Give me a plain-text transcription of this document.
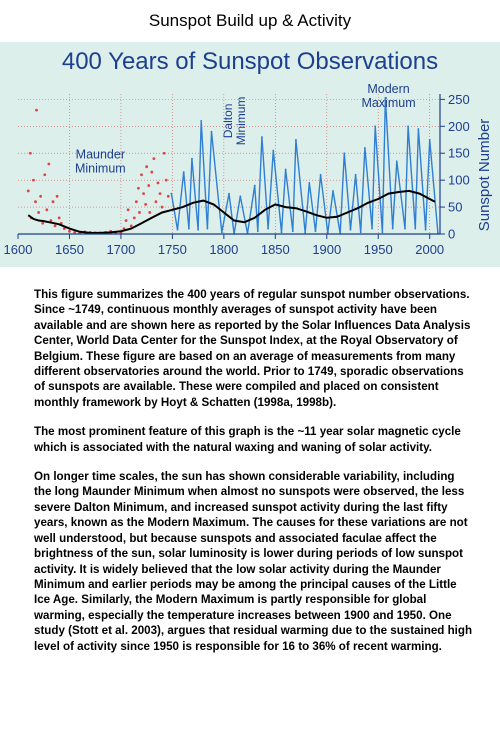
Sunspot Build up & Activity
400 Years of Sunspot Observations
1600 1650 1700 1750 1800 1850 1900 1950 2000
0
50
100
150
200
250
Maunder
Minimum
Dalton Minimum
Modern
Maximum
Sunspot Number

This figure summarizes the 400 years of regular sunspot number observations. Since ~1749, continuous monthly averages of sunspot activity have been available and are shown here as reported by the Solar Influences Data Analysis Center, World Data Center for the Sunspot Index, at the Royal Observatory of Belgium. These figure are based on an average of measurements from many different observatories around the world. Prior to 1749, sporadic observations of sunspots are available. These were compiled and placed on consistent monthly framework by Hoyt & Schatten (1998a, 1998b).

The most prominent feature of this graph is the ~11 year solar magnetic cycle which is associated with the natural waxing and waning of solar activity.

On longer time scales, the sun has shown considerable variability, including the long Maunder Minimum when almost no sunspots were observed, the less severe Dalton Minimum, and increased sunspot activity during the last fifty years, known as the Modern Maximum. The causes for these variations are not well understood, but because sunspots and associated faculae affect the brightness of the sun, solar luminosity is lower during periods of low sunspot activity. It is widely believed that the low solar activity during the Maunder Minimum and earlier periods may be among the principal causes of the Little Ice Age. Similarly, the Modern Maximum is partly responsible for global warming, especially the temperature increases between 1900 and 1950. One study (Stott et al. 2003), argues that residual warming due to the sustained high level of activity since 1950 is responsible for 16 to 36% of recent warming.
